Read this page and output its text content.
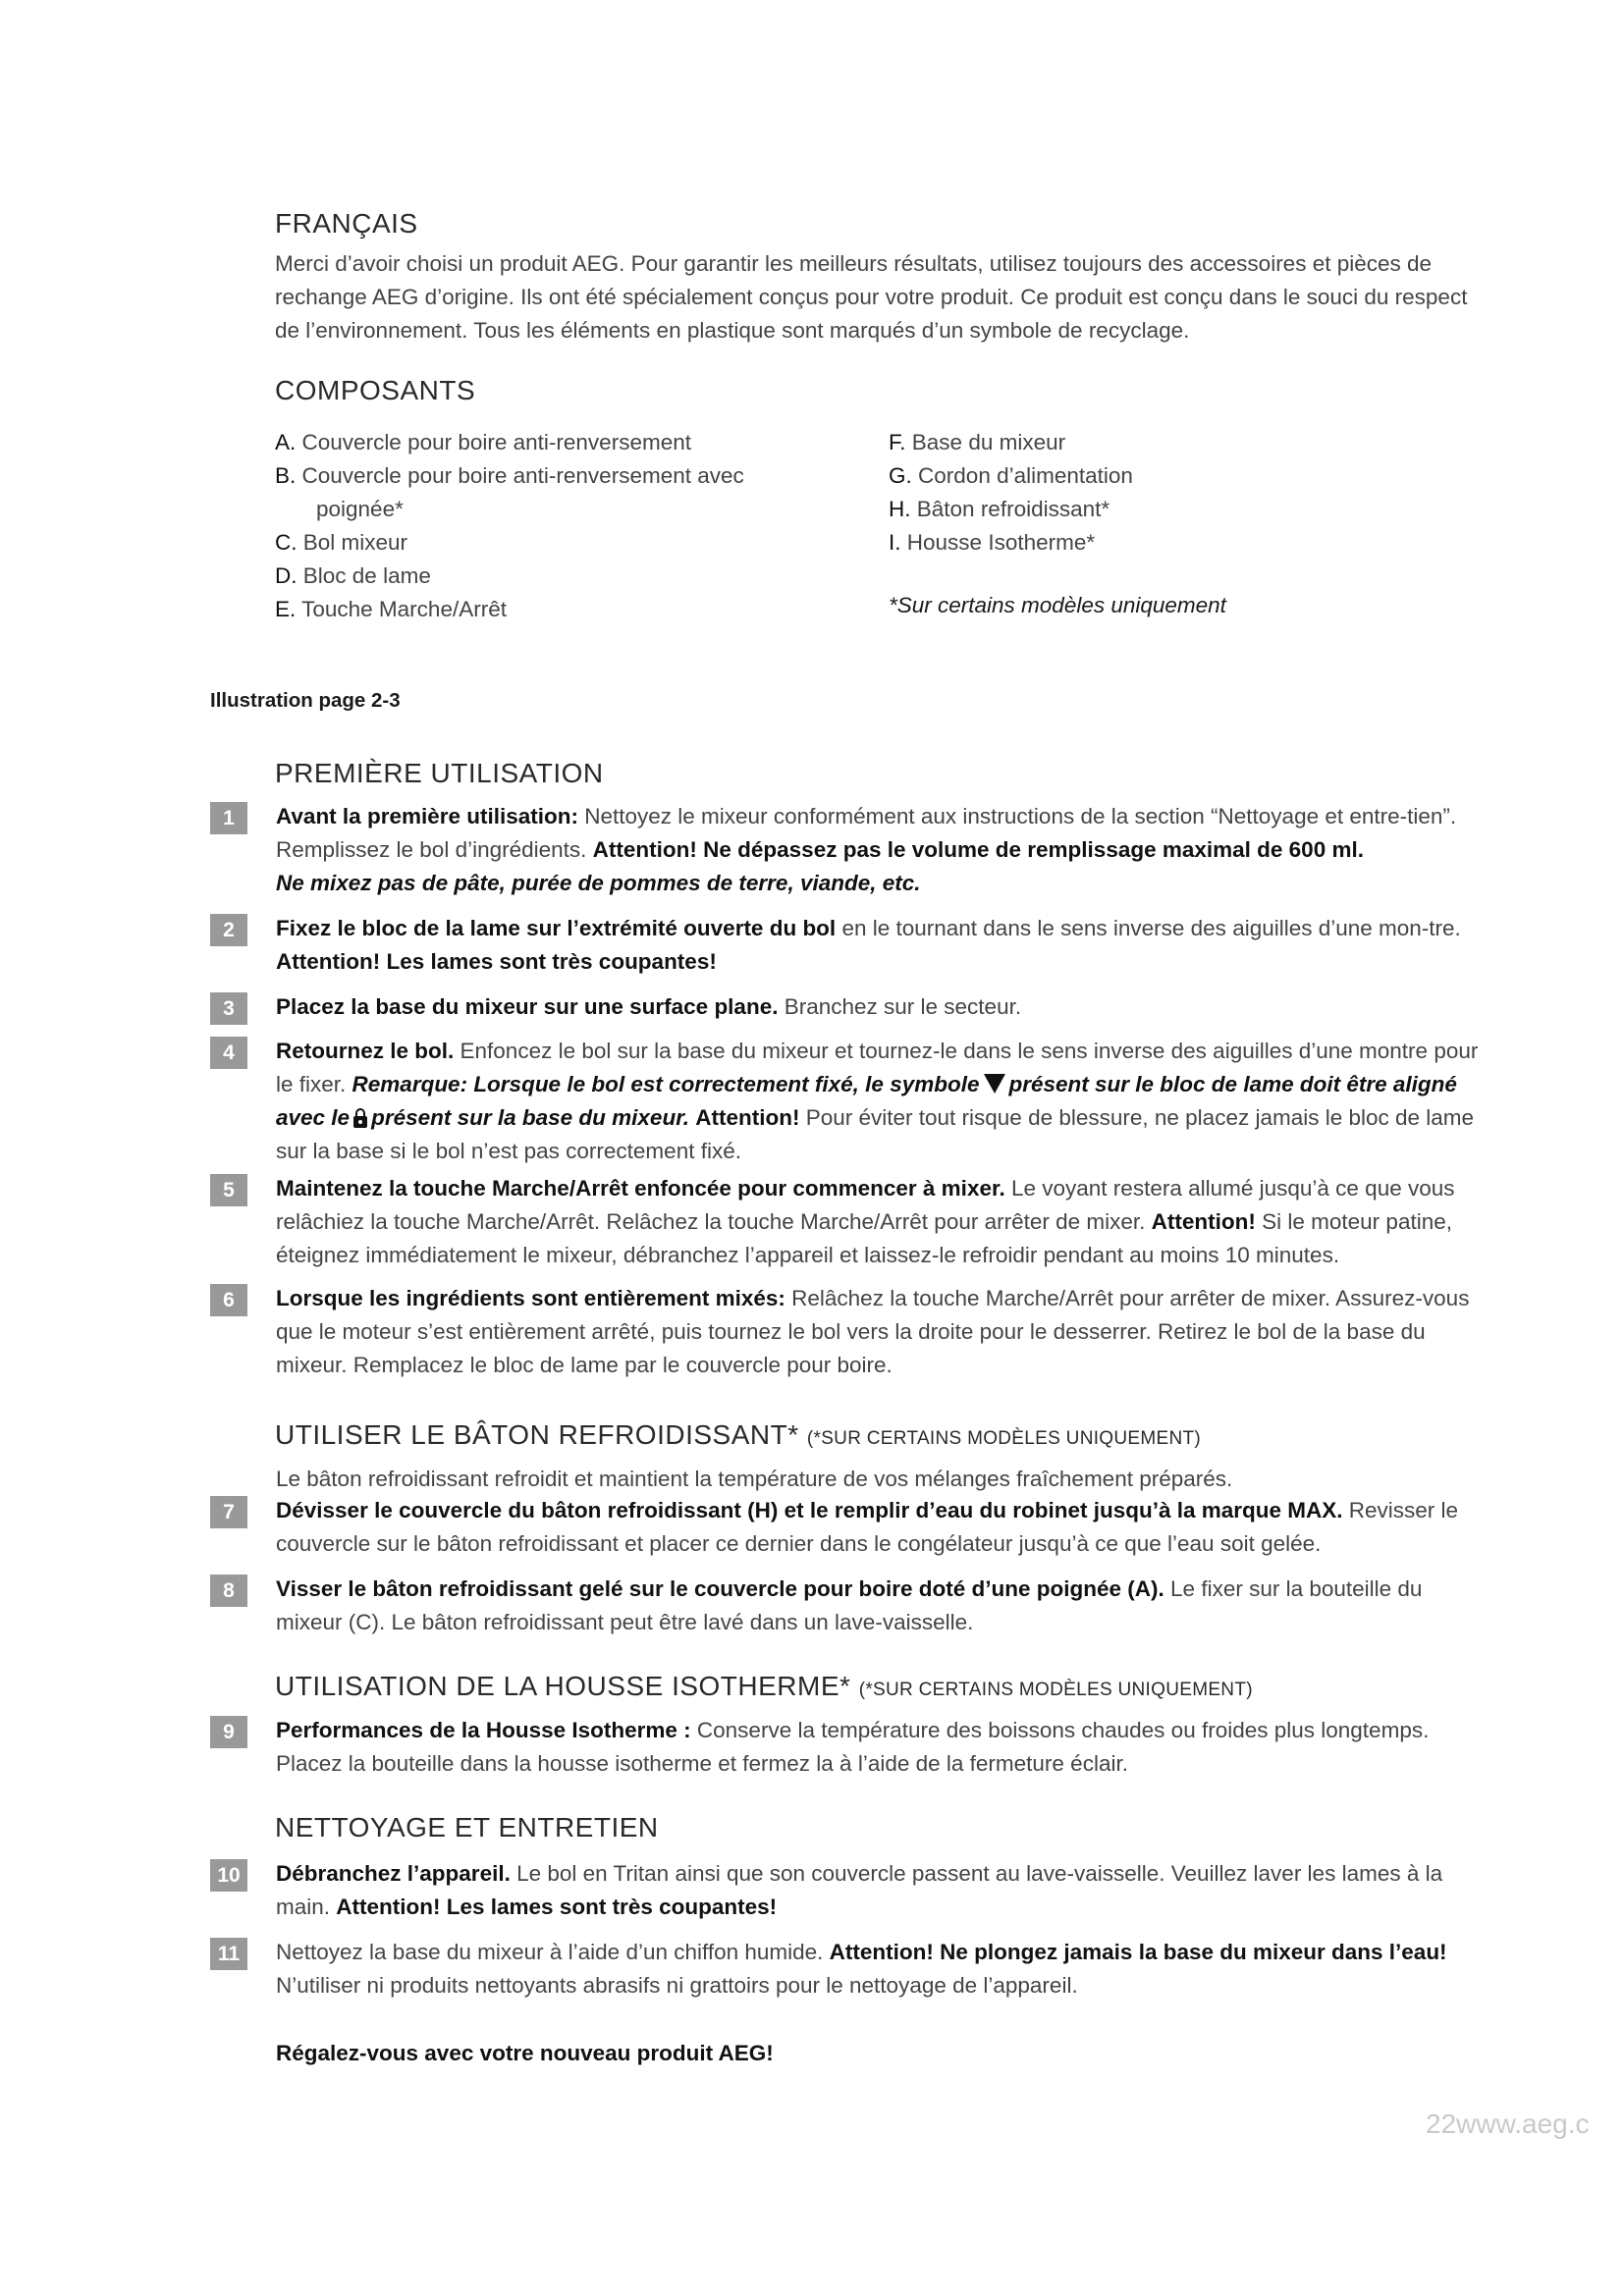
FRANÇAIS

Merci d’avoir choisi un produit AEG. Pour garantir les meilleurs résultats, utilisez toujours des accessoires et pièces de rechange AEG d’origine. Ils ont été spécialement conçus pour votre produit. Ce produit est conçu dans le souci du respect de l’environnement. Tous les éléments en plastique sont marqués d’un symbole de recyclage.

COMPOSANTS
A. Couvercle pour boire anti-renversement
B. Couvercle pour boire anti-renversement avec
poignée*
C. Bol mixeur
D. Bloc de lame
E. Touche Marche/Arrêt
F. Base du mixeur
G. Cordon d’alimentation
H. Bâton refroidissant*
I. Housse Isotherme*
*Sur certains modèles uniquement
Illustration page 2-3
PREMIÈRE UTILISATION
1	Avant la première utilisation: Nettoyez le mixeur conformément aux instructions de la section “Nettoyage et entre-tien”. Remplissez le bol d’ingrédients. Attention! Ne dépassez pas le volume de remplissage maximal de 600 ml.
Ne mixez pas de pâte, purée de pommes de terre, viande, etc.

2	Fixez le bloc de la lame sur l’extrémité ouverte du bol en le tournant dans le sens inverse des aiguilles d’une mon-tre. Attention! Les lames sont très coupantes!

3	Placez la base du mixeur sur une surface plane. Branchez sur le secteur.

4	Retournez le bol. Enfoncez le bol sur la base du mixeur et tournez-le dans le sens inverse des aiguilles d’une montre pour le fixer. Remarque: Lorsque le bol est correctement fixé, le symbole présent sur le bloc de lame doit être aligné avec le présent sur la base du mixeur. Attention! Pour éviter tout risque de blessure, ne placez jamais le bloc de lame sur la base si le bol n’est pas correctement fixé.

5	Maintenez la touche Marche/Arrêt enfoncée pour commencer à mixer. Le voyant restera allumé jusqu’à ce que vous relâchiez la touche Marche/Arrêt. Relâchez la touche Marche/Arrêt pour arrêter de mixer. Attention! Si le moteur patine, éteignez immédiatement le mixeur, débranchez l’appareil et laissez-le refroidir pendant au moins 10 minutes.

6	Lorsque les ingrédients sont entièrement mixés: Relâchez la touche Marche/Arrêt pour arrêter de mixer. Assurez-vous que le moteur s’est entièrement arrêté, puis tournez le bol vers la droite pour le desserrer. Retirez le bol de la base du mixeur. Remplacez le bloc de lame par le couvercle pour boire.

UTILISER LE BÂTON REFROIDISSANT* (*SUR CERTAINS MODÈLES UNIQUEMENT)

Le bâton refroidissant refroidit et maintient la température de vos mélanges fraîchement préparés.

7	Dévisser le couvercle du bâton refroidissant (H) et le remplir d’eau du robinet jusqu’à la marque MAX. Revisser le couvercle sur le bâton refroidissant et placer ce dernier dans le congélateur jusqu’à ce que l’eau soit gelée.

8	Visser le bâton refroidissant gelé sur le couvercle pour boire doté d’une poignée (A). Le fixer sur la bouteille du mixeur (C). Le bâton refroidissant peut être lavé dans un lave-vaisselle.

UTILISATION DE LA HOUSSE ISOTHERME* (*SUR CERTAINS MODÈLES UNIQUEMENT)
9	Performances de la Housse Isotherme : Conserve la température des boissons chaudes ou froides plus longtemps. Placez la bouteille dans la housse isotherme et fermez la à l’aide de la fermeture éclair.

NETTOYAGE ET ENTRETIEN
10	Débranchez l’appareil. Le bol en Tritan ainsi que son couvercle passent au lave-vaisselle. Veuillez laver les lames à la main. Attention! Les lames sont très coupantes!

11	Nettoyez la base du mixeur à l’aide d’un chiffon humide. Attention! Ne plongez jamais la base du mixeur dans l’eau! N’utiliser ni produits nettoyants abrasifs ni grattoirs pour le nettoyage de l’appareil.

Régalez-vous avec votre nouveau produit AEG!
22www.aeg.c
